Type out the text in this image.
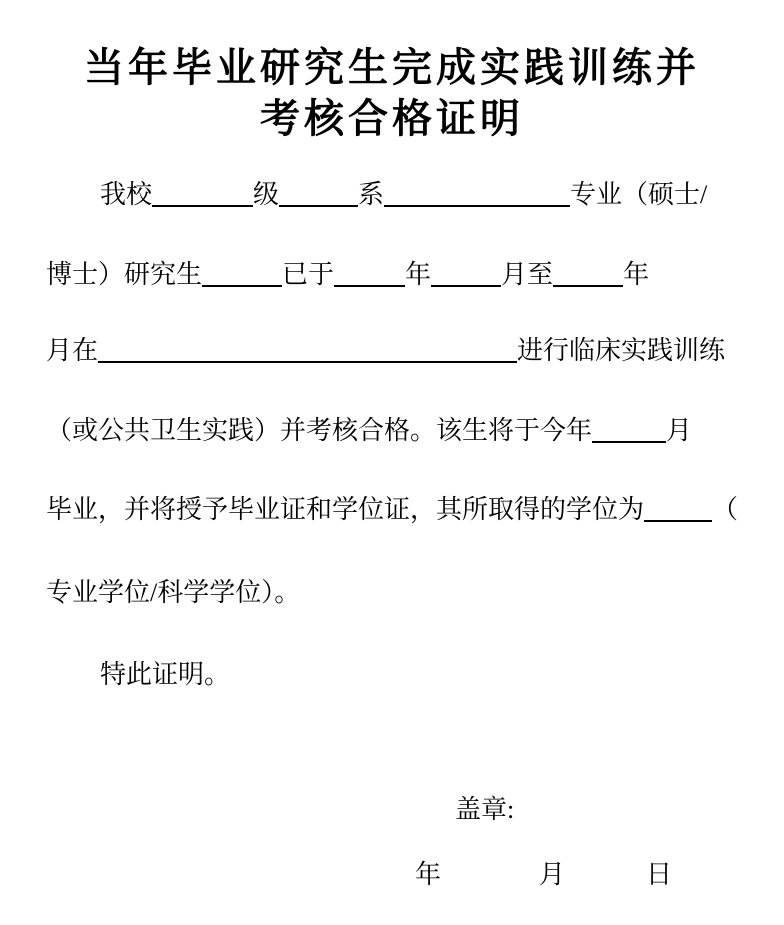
当年毕业研究生完成实践训练并
考核合格证明
我校	级	系	专业（硕士/
博士）研究生	已于	年	月至	年
月在	进行临床实践训练
（或公共卫生实践）并考核合格。该生将于今年	月
毕业，并将授予毕业证和学位证，其所取得的学位为	（
专业学位/科学学位）。
特此证明。
盖章:
年	月	日
